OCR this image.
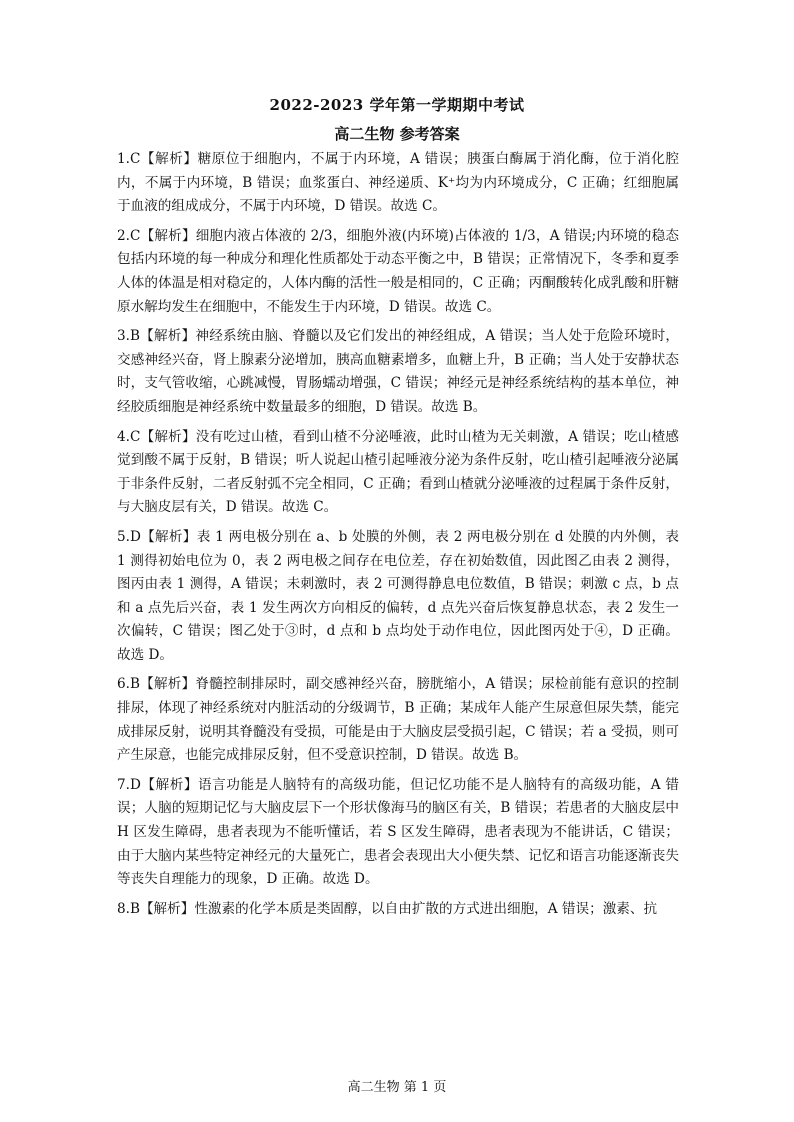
2022-2023 学年第一学期期中考试
高二生物 参考答案

1.C【解析】糖原位于细胞内，不属于内环境，A 错误；胰蛋白酶属于消化酶，位于消化腔内，不属于内环境，B 错误；血浆蛋白、神经递质、K⁺均为内环境成分，C 正确；红细胞属于血液的组成成分，不属于内环境，D 错误。故选 C。

2.C【解析】细胞内液占体液的 2/3，细胞外液(内环境)占体液的 1/3，A 错误;内环境的稳态包括内环境的每一种成分和理化性质都处于动态平衡之中，B 错误；正常情况下，冬季和夏季人体的体温是相对稳定的，人体内酶的活性一般是相同的，C 正确；丙酮酸转化成乳酸和肝糖原水解均发生在细胞中，不能发生于内环境，D 错误。故选 C。

3.B【解析】神经系统由脑、脊髓以及它们发出的神经组成，A 错误；当人处于危险环境时，交感神经兴奋，肾上腺素分泌增加，胰高血糖素增多，血糖上升，B 正确；当人处于安静状态时，支气管收缩，心跳减慢，胃肠蠕动增强，C 错误；神经元是神经系统结构的基本单位，神经胶质细胞是神经系统中数量最多的细胞，D 错误。故选 B。

4.C【解析】没有吃过山楂，看到山楂不分泌唾液，此时山楂为无关刺激，A 错误；吃山楂感觉到酸不属于反射，B 错误；听人说起山楂引起唾液分泌为条件反射，吃山楂引起唾液分泌属于非条件反射，二者反射弧不完全相同，C 正确；看到山楂就分泌唾液的过程属于条件反射，与大脑皮层有关，D 错误。故选 C。

5.D【解析】表 1 两电极分别在 a、b 处膜的外侧，表 2 两电极分别在 d 处膜的内外侧，表 1 测得初始电位为 0，表 2 两电极之间存在电位差，存在初始数值，因此图乙由表 2 测得，图丙由表 1 测得，A 错误；未刺激时，表 2 可测得静息电位数值，B 错误；刺激 c 点，b 点和 a 点先后兴奋，表 1 发生两次方向相反的偏转，d 点先兴奋后恢复静息状态，表 2 发生一次偏转，C 错误；图乙处于③时，d 点和 b 点均处于动作电位，因此图丙处于④，D 正确。故选 D。

6.B【解析】脊髓控制排尿时，副交感神经兴奋，膀胱缩小，A 错误；尿检前能有意识的控制排尿，体现了神经系统对内脏活动的分级调节，B 正确；某成年人能产生尿意但尿失禁，能完成排尿反射，说明其脊髓没有受损，可能是由于大脑皮层受损引起，C 错误；若 a 受损，则可产生尿意，也能完成排尿反射，但不受意识控制，D 错误。故选 B。

7.D【解析】语言功能是人脑特有的高级功能，但记忆功能不是人脑特有的高级功能，A 错误；人脑的短期记忆与大脑皮层下一个形状像海马的脑区有关，B 错误；若患者的大脑皮层中 H 区发生障碍，患者表现为不能听懂话，若 S 区发生障碍，患者表现为不能讲话，C 错误；由于大脑内某些特定神经元的大量死亡，患者会表现出大小便失禁、记忆和语言功能逐渐丧失等丧失自理能力的现象，D 正确。故选 D。

8.B【解析】性激素的化学本质是类固醇，以自由扩散的方式进出细胞，A 错误；激素、抗

高二生物 第 1 页
